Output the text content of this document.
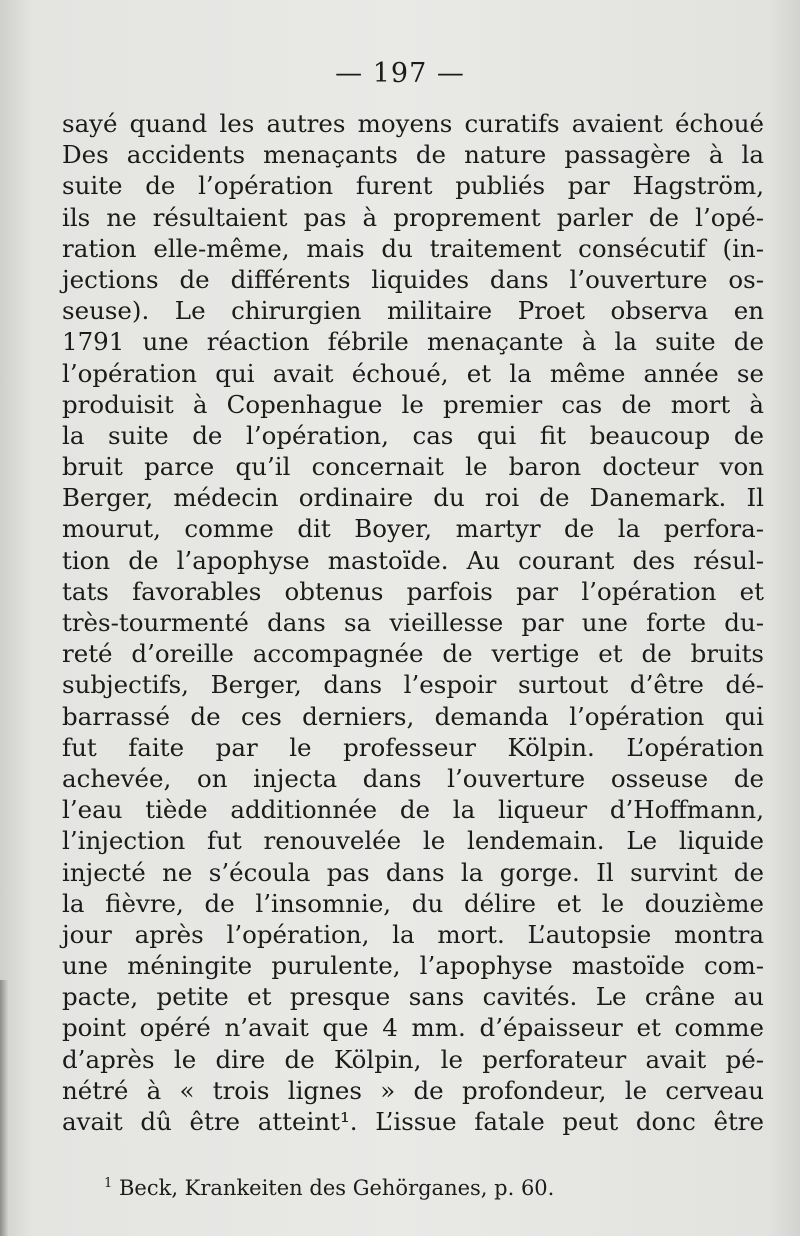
— 197 —
sayé quand les autres moyens curatifs avaient échoué
Des accidents menaçants de nature passagère à la
suite de l’opération furent publiés par Hagström,
ils ne résultaient pas à proprement parler de l’opé-
ration elle-même, mais du traitement consécutif (in-
jections de différents liquides dans l’ouverture os-
seuse). Le chirurgien militaire Proet observa en
1791 une réaction fébrile menaçante à la suite de
l’opération qui avait échoué, et la même année se
produisit à Copenhague le premier cas de mort à
la suite de l’opération, cas qui fit beaucoup de
bruit parce qu’il concernait le baron docteur von
Berger, médecin ordinaire du roi de Danemark. Il
mourut, comme dit Boyer, martyr de la perfora-
tion de l’apophyse mastoïde. Au courant des résul-
tats favorables obtenus parfois par l’opération et
très-tourmenté dans sa vieillesse par une forte du-
reté d’oreille accompagnée de vertige et de bruits
subjectifs, Berger, dans l’espoir surtout d’être dé-
barrassé de ces derniers, demanda l’opération qui
fut faite par le professeur Kölpin. L’opération
achevée, on injecta dans l’ouverture osseuse de
l’eau tiède additionnée de la liqueur d’Hoffmann,
l’injection fut renouvelée le lendemain. Le liquide
injecté ne s’écoula pas dans la gorge. Il survint de
la fièvre, de l’insomnie, du délire et le douzième
jour après l’opération, la mort. L’autopsie montra
une méningite purulente, l’apophyse mastoïde com-
pacte, petite et presque sans cavités. Le crâne au
point opéré n’avait que 4 mm. d’épaisseur et comme
d’après le dire de Kölpin, le perforateur avait pé-
nétré à « trois lignes » de profondeur, le cerveau
avait dû être atteint¹. L’issue fatale peut donc être
$^1$ Beck, Krankeiten des Gehörganes, p. 60.
